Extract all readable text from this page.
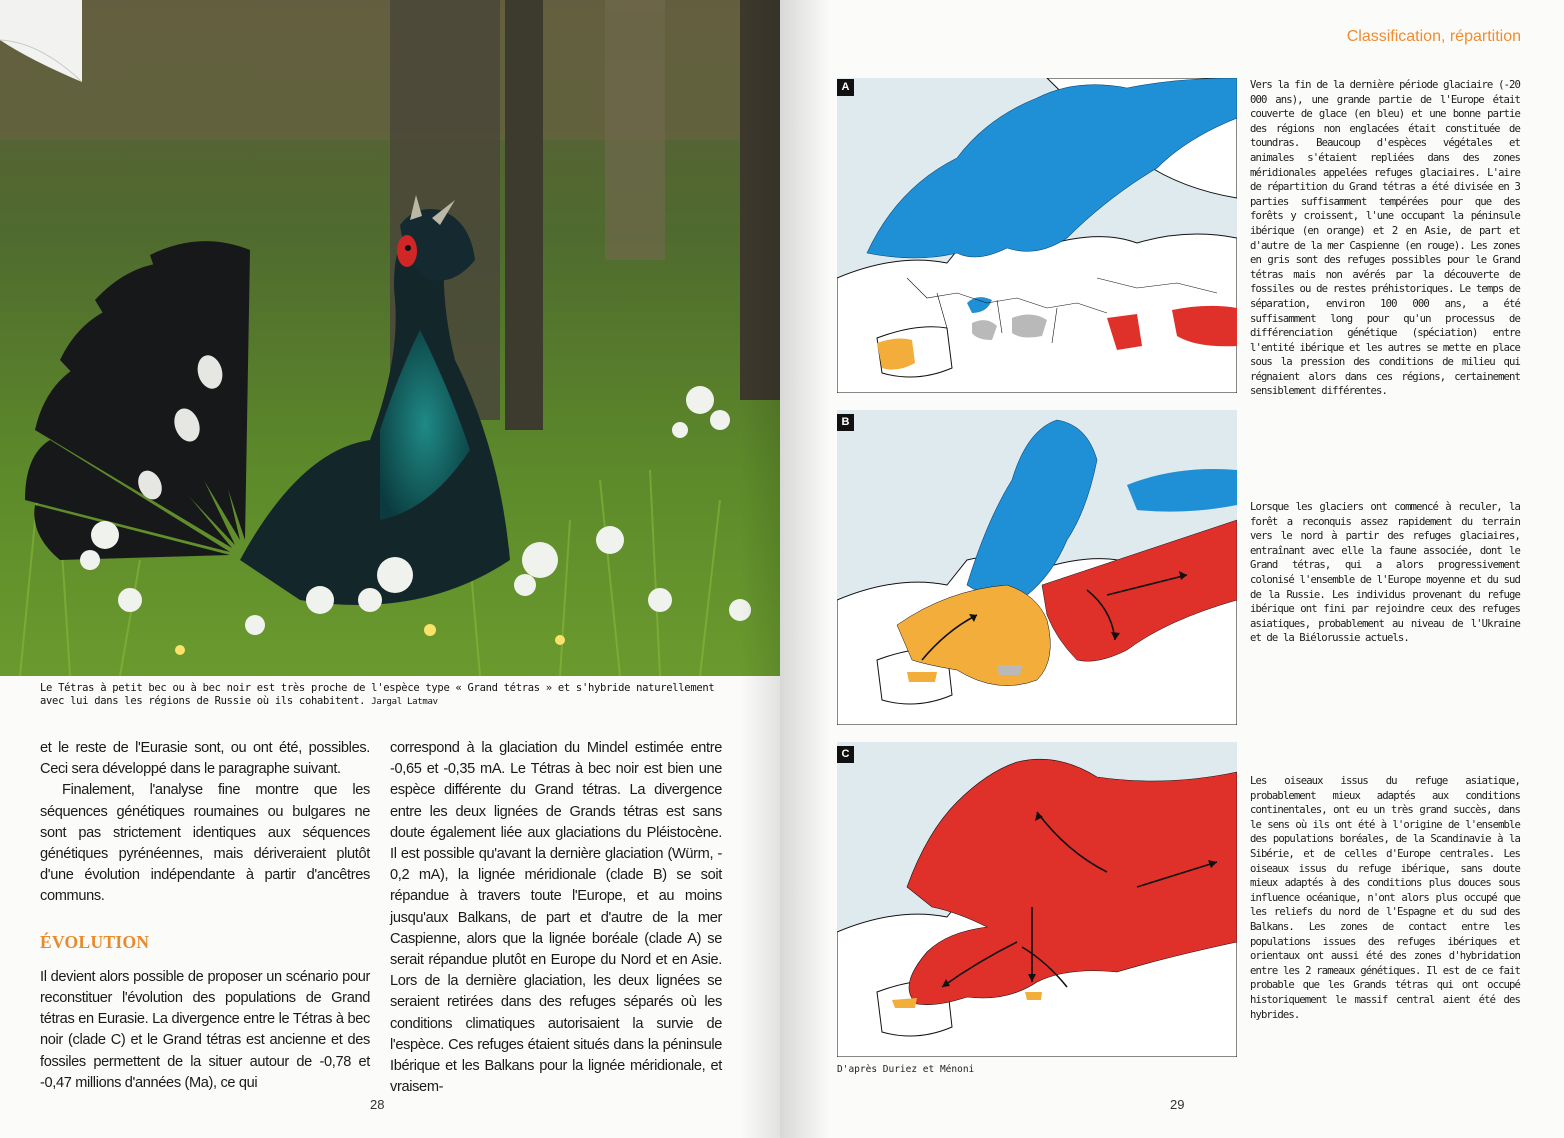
Le Tétras à petit bec ou à bec noir est très proche de l'espèce type « Grand tétras » et s'hybride naturellement avec lui dans les régions de Russie où ils cohabitent. Jargal Latmav

et le reste de l'Eurasie sont, ou ont été, possibles. Ceci sera développé dans le paragraphe suivant.

Finalement, l'analyse fine montre que les séquences génétiques roumaines ou bulgares ne sont pas strictement identiques aux séquences génétiques pyrénéennes, mais dériveraient plutôt d'une évolution indépendante à partir d'ancêtres communs.

ÉVOLUTION

Il devient alors possible de proposer un scénario pour reconstituer l'évolution des populations de Grand tétras en Eurasie. La divergence entre le Tétras à bec noir (clade C) et le Grand tétras est ancienne et des fossiles permettent de la situer autour de -0,78 et -0,47 millions d'années (Ma), ce qui

correspond à la glaciation du Mindel estimée entre -0,65 et -0,35 mA. Le Tétras à bec noir est bien une espèce différente du Grand tétras. La divergence entre les deux lignées de Grands tétras est sans doute également liée aux glaciations du Pléistocène. Il est possible qu'avant la dernière glaciation (Würm, - 0,2 mA), la lignée méridionale (clade B) se soit répandue à travers toute l'Europe, et au moins jusqu'aux Balkans, de part et d'autre de la mer Caspienne, alors que la lignée boréale (clade A) se serait répandue plutôt en Europe du Nord et en Asie. Lors de la dernière glaciation, les deux lignées se seraient retirées dans des refuges séparés où les conditions climatiques autorisaient la survie de l'espèce. Ces refuges étaient situés dans la péninsule Ibérique et les Balkans pour la lignée méridionale, et vraisem-

28
Classification, répartition
A	Vers la fin de la dernière période glaciaire (-20 000 ans), une grande partie de l'Europe était couverte de glace (en bleu) et une bonne partie des régions non englacées était constituée de toundras. Beaucoup d'espèces végétales et animales s'étaient repliées dans des zones méridionales appelées refuges glaciaires. L'aire de répartition du Grand tétras a été divisée en 3 parties suffisamment tempérées pour que des forêts y croissent, l'une occupant la péninsule ibérique (en orange) et 2 en Asie, de part et d'autre de la mer Caspienne (en rouge). Les zones en gris sont des refuges possibles pour le Grand tétras mais non avérés par la découverte de fossiles ou de restes préhistoriques. Le temps de séparation, environ 100 000 ans, a été suffisamment long pour qu'un processus de différenciation génétique (spéciation) entre l'entité ibérique et les autres se mette en place sous la pression des conditions de milieu qui régnaient alors dans ces régions, certainement sensiblement différentes.
B
Lorsque les glaciers ont commencé à reculer, la forêt a reconquis assez rapidement du terrain vers le nord à partir des refuges glaciaires, entraînant avec elle la faune associée, dont le Grand tétras, qui a alors progressivement colonisé l'ensemble de l'Europe moyenne et du sud de la Russie. Les individus provenant du refuge ibérique ont fini par rejoindre ceux des refuges asiatiques, probablement au niveau de l'Ukraine et de la Biélorussie actuels.
C
Les oiseaux issus du refuge asiatique, probablement mieux adaptés aux conditions continentales, ont eu un très grand succès, dans le sens où ils ont été à l'origine de l'ensemble des populations boréales, de la Scandinavie à la Sibérie, et de celles d'Europe centrales. Les oiseaux issus du refuge ibérique, sans doute mieux adaptés à des conditions plus douces sous influence océanique, n'ont alors plus occupé que les reliefs du nord de l'Espagne et du sud des Balkans. Les zones de contact entre les populations issues des refuges ibériques et orientaux ont aussi été des zones d'hybridation entre les 2 rameaux génétiques. Il est de ce fait probable que les Grands tétras qui ont occupé historiquement le massif central aient été des hybrides.
D'après Duriez et Ménoni
29
